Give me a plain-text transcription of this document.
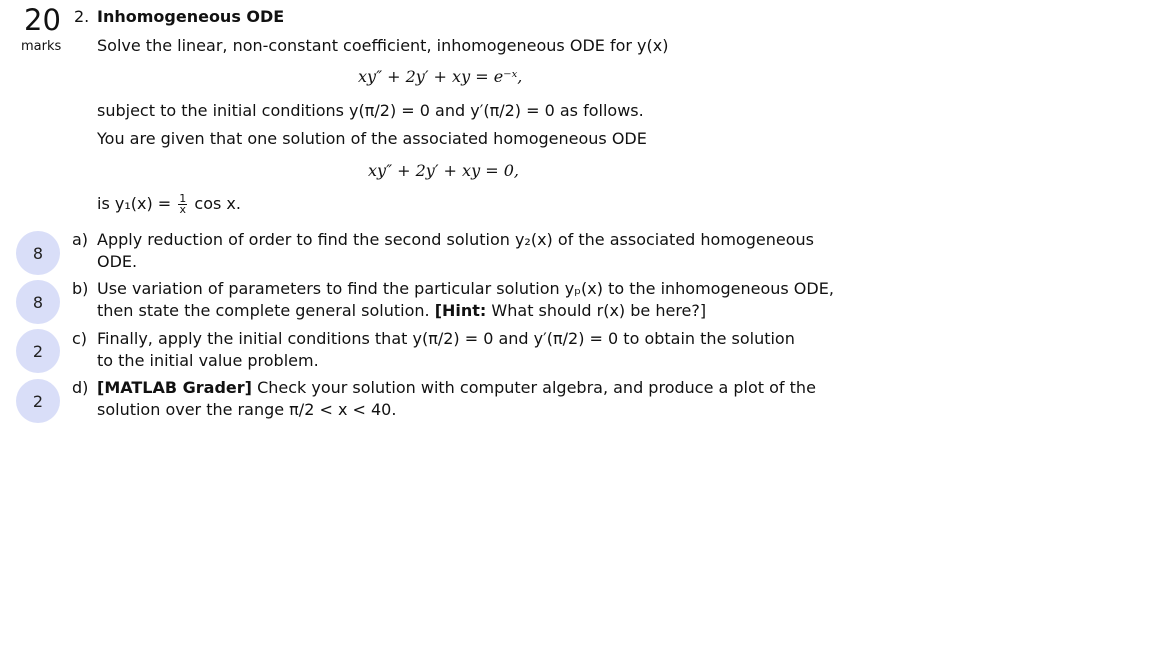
20
marks
2. Inhomogeneous ODE
Solve the linear, non-constant coefficient, inhomogeneous ODE for y(x)
xy″ + 2y′ + xy = e⁻ˣ,
subject to the initial conditions y(π/2) = 0 and y′(π/2) = 0 as follows.
You are given that one solution of the associated homogeneous ODE
xy″ + 2y′ + xy = 0,
is $y_1(x) = \frac{1}{x}$ cos x.
8
a) Apply reduction of order to find the second solution y₂(x) of the associated homogeneous
ODE.
8
b) Use variation of parameters to find the particular solution yₚ(x) to the inhomogeneous ODE,
then state the complete general solution. [Hint: What should r(x) be here?]
2
c) Finally, apply the initial conditions that y(π/2) = 0 and y′(π/2) = 0 to obtain the solution
to the initial value problem.
2
d) [MATLAB Grader] Check your solution with computer algebra, and produce a plot of the
solution over the range π/2 < x < 40.
